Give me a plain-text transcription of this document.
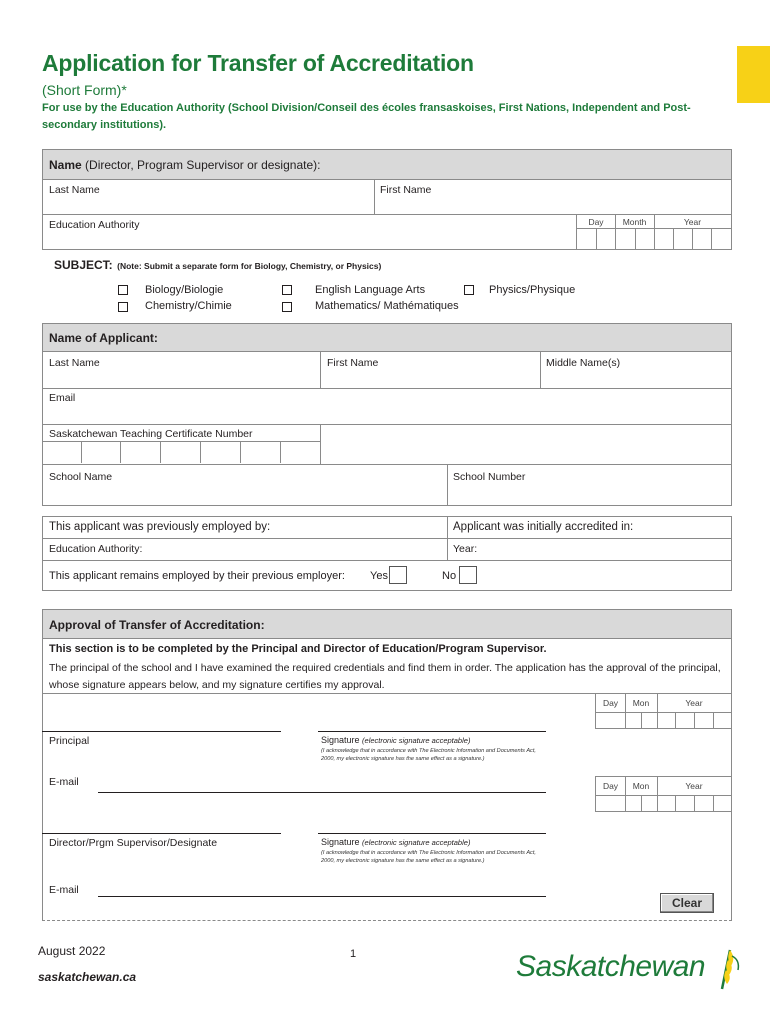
Application for Transfer of Accreditation
(Short Form)*
For use by the Education Authority (School Division/Conseil des écoles fransaskoises, First Nations, Independent and Post-secondary institutions).
Name (Director, Program Supervisor or designate):
Last Name	First Name
Education Authority	Day	Month	Year
SUBJECT: (Note: Submit a separate form for Biology, Chemistry, or Physics)
Biology/Biologie
Chemistry/Chimie
English Language Arts
Mathematics/ Mathématiques
Physics/Physique
Name of Applicant:
Last Name	First Name	Middle Name(s)
Email
Saskatchewan Teaching Certificate Number
School Name	School Number
This applicant was previously employed by:	Applicant was initially accredited in:
Education Authority:	Year:
This applicant remains employed by their previous employer: Yes	No
Approval of Transfer of Accreditation:
This section is to be completed by the Principal and Director of Education/Program Supervisor.
The principal of the school and I have examined the required credentials and find them in order. The application has the approval of the principal, whose signature appears below, and my signature certifies my approval.
Day	Mon	Year
Principal	Signature (electronic signature acceptable)
(I acknowledge that in accordance with The Electronic Information and Documents Act, 2000, my electronic signature has the same effect as a signature.)
E-mail	Day	Mon	Year
Director/Prgm Supervisor/Designate	Signature (electronic signature acceptable)
(I acknowledge that in accordance with The Electronic Information and Documents Act, 2000, my electronic signature has the same effect as a signature.)
E-mail
Clear
August 2022	1
saskatchewan.ca	Saskatchewan
